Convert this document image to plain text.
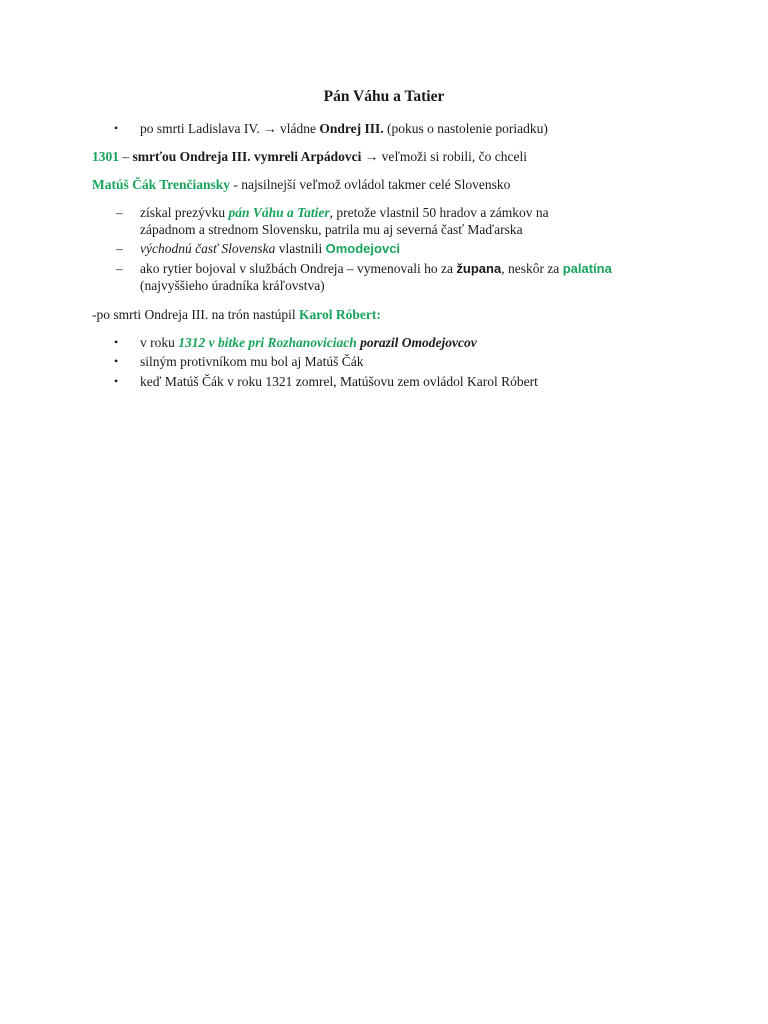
Pán Váhu a Tatier
• po smrti Ladislava IV. → vládne Ondrej III. (pokus o nastolenie poriadku)
1301 – smrťou Ondreja III. vymreli Arpádovci → veľmoži si robili, čo chceli
Matúš Čák Trenčiansky - najsilnejší veľmož ovládol takmer celé Slovensko
– získal prezývku pán Váhu a Tatier, pretože vlastnil 50 hradov a zámkov na
západnom a strednom Slovensku, patrila mu aj severná časť Maďarska
– východnú časť Slovenska vlastnili Omodejovci
– ako rytier bojoval v službách Ondreja – vymenovali ho za župana, neskôr za palatína
(najvyššieho úradníka kráľovstva)
-po smrti Ondreja III. na trón nastúpil Karol Róbert:
• v roku 1312 v bitke pri Rozhanoviciach porazil Omodejovcov
• silným protivníkom mu bol aj Matúš Čák
• keď Matúš Čák v roku 1321 zomrel, Matúšovu zem ovládol Karol Róbert
